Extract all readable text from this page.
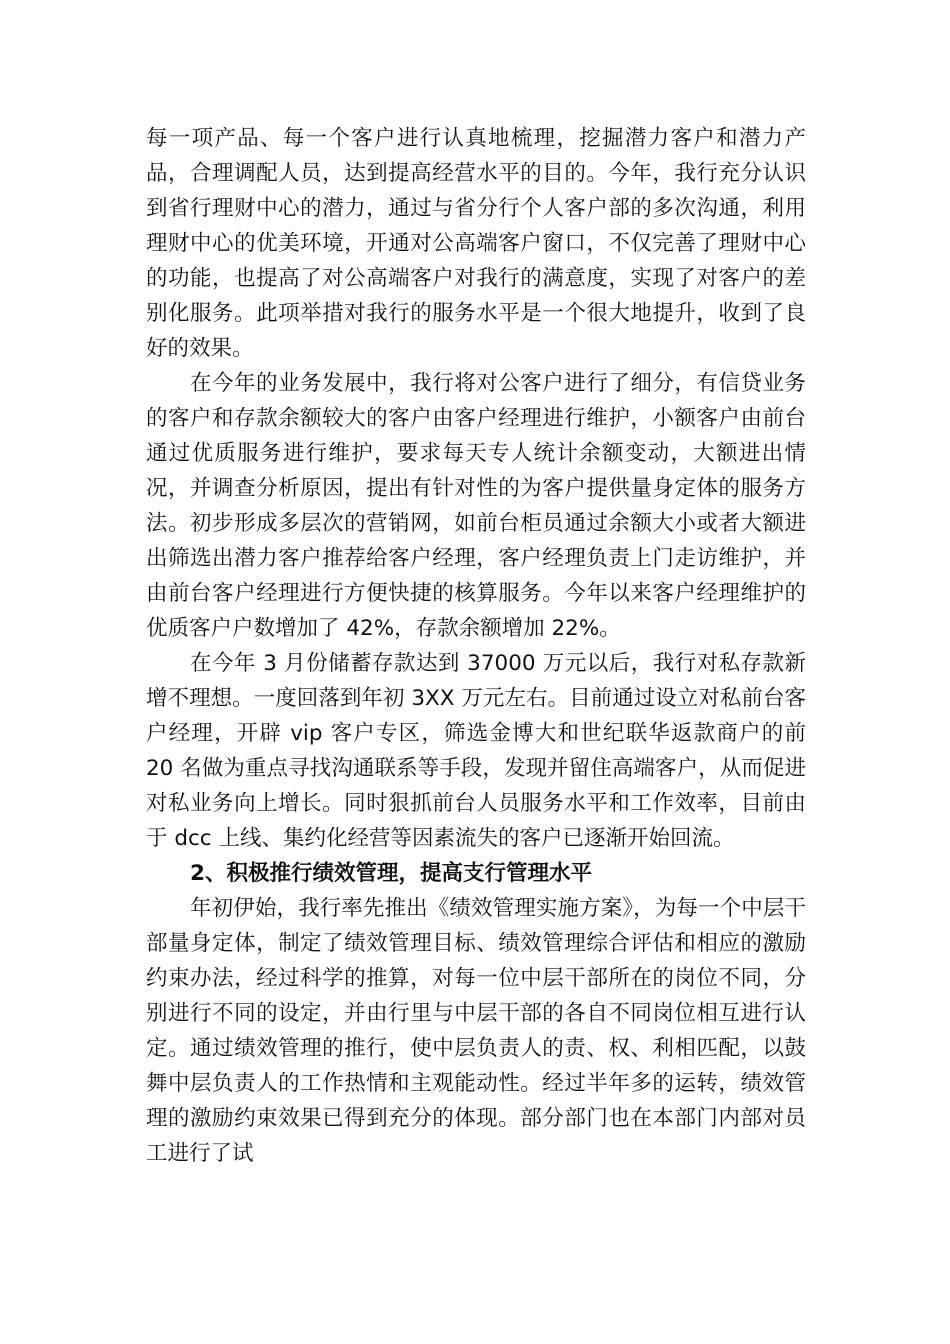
每一项产品、每一个客户进行认真地梳理，挖掘潜力客户和潜力产品，合理调配人员，达到提高经营水平的目的。今年，我行充分认识到省行理财中心的潜力，通过与省分行个人客户部的多次沟通，利用理财中心的优美环境，开通对公高端客户窗口，不仅完善了理财中心的功能，也提高了对公高端客户对我行的满意度，实现了对客户的差别化服务。此项举措对我行的服务水平是一个很大地提升，收到了良好的效果。

在今年的业务发展中，我行将对公客户进行了细分，有信贷业务的客户和存款余额较大的客户由客户经理进行维护，小额客户由前台通过优质服务进行维护，要求每天专人统计余额变动，大额进出情况，并调查分析原因，提出有针对性的为客户提供量身定体的服务方法。初步形成多层次的营销网，如前台柜员通过余额大小或者大额进出筛选出潜力客户推荐给客户经理，客户经理负责上门走访维护，并由前台客户经理进行方便快捷的核算服务。今年以来客户经理维护的优质客户户数增加了 42%，存款余额增加 22%。

在今年 3 月份储蓄存款达到 37000 万元以后，我行对私存款新增不理想。一度回落到年初 3XX 万元左右。目前通过设立对私前台客户经理，开辟 vip 客户专区，筛选金博大和世纪联华返款商户的前 20 名做为重点寻找沟通联系等手段，发现并留住高端客户，从而促进对私业务向上增长。同时狠抓前台人员服务水平和工作效率，目前由于 dcc 上线、集约化经营等因素流失的客户已逐渐开始回流。

2、积极推行绩效管理，提高支行管理水平

年初伊始，我行率先推出《绩效管理实施方案》，为每一个中层干部量身定体，制定了绩效管理目标、绩效管理综合评估和相应的激励约束办法，经过科学的推算，对每一位中层干部所在的岗位不同，分别进行不同的设定，并由行里与中层干部的各自不同岗位相互进行认定。通过绩效管理的推行，使中层负责人的责、权、利相匹配，以鼓舞中层负责人的工作热情和主观能动性。经过半年多的运转，绩效管理的激励约束效果已得到充分的体现。部分部门也在本部门内部对员工进行了试
